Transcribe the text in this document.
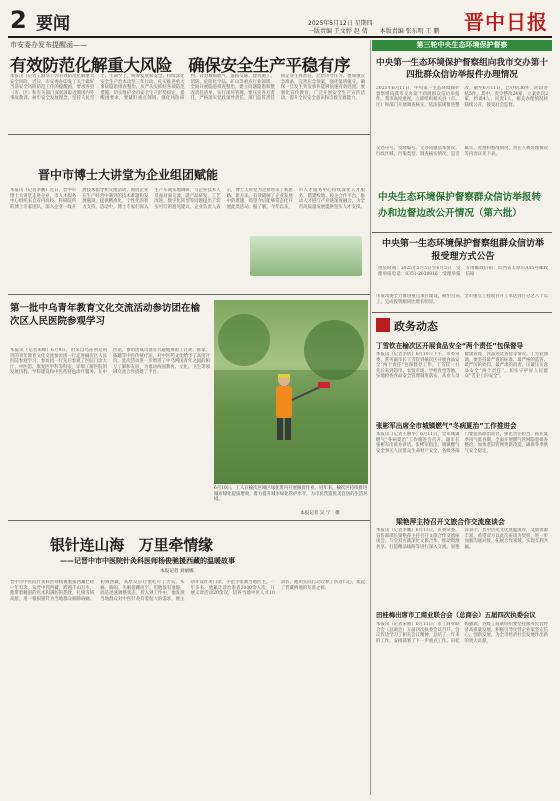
2 要闻	2025年5月12日 星期四
一版责编 王文婷 赵 倩　　本版责编 张东明 王 鹏 晋中日报
市安委办发布提醒函——
有效防范化解重大风险　确保安全生产平稳有序
本报讯（记者王丽华）为有效防范化解重大安全风险，近日，市安委办印发了关于做好当前安全风险防范工作的提醒函，要求各县（市、区）和有关部门深刻汲取近期国内外事故教训，树牢安全发展理念，坚持人民至上、生命至上，统筹发展和安全，持续深化安全生产治本攻坚三年行动，扎实推进重大事故隐患排查整治，从严从实抓好各项防范措施，切实维护全市安全生产形势稳定。提醒函要求，要紧盯重点领域，强化风险研判，针对城镇燃气、道路交通、建筑施工、消防、危险化学品、矿山等重点行业领域，全面开展隐患排查整治，建立问题隐患和整改责任清单，实行闭环管理。要压实各方责任，严格落实党政领导责任、部门监管责任和企业主体责任，层层传导压力。要加强应急准备，完善应急预案，强化值班值守，确保一旦发生突发事件能够快速有效处置。要强化宣传教育，广泛开展安全生产宣传活动，提升全民安全意识和自救互救能力。
第三轮中央生态环境保护督察
中央第一生态环境保护督察组向我市交办第十四批群众信访举报件办理情况
2025年6月11日，中央第一生态环境保护督察组向我市交办第十四批群众信访举报件。我市高度重视，立即组织相关县（市、区）和部门开展调查核实，依法依规推进整改。截至6月11日，已办结36件，阶段办结5件。其中，责令整改24家，立案处罚2家，约谈4人，问责1人。相关办理情况将陆续公开，接受社会监督。
交办序号、受理编号、交办问题基本情况、行政区域、污染类型、调查核实情况、是否属实、处理和整改情况、责任人被处理情况等内容详见下表。
中央生态环境保护督察群众信访举报转办和边督边改公开情况（第六批）
中央第一生态环境保护督察组群众信访举报受理方式公告
进驻时间：2025年5月5日至6月5日　受理举报电话：0351-2030916　受理举报专用邮政信箱：山西省太原市A15号邮政信箱
晋中市博士大讲堂为企业组团赋能
本报讯（记者李鹏）近日，晋中市博士大讲堂走进企业，市人才服务中心组织来自省内高校、科研院所的博士专家团队，深入企业一线开展技术指导和交流活动，围绕企业在生产经营中遇到的技术难题和发展瓶颈，提供精准化、个性化的智力支持。活动中，博士专家们深入生产车间实地调研，与企业技术人员面对面交流，就产品研发、工艺改进、数字化转型等问题提出了切实可行的意见建议。企业负责人表示，博士大讲堂为企业带来了新思路、新方法，有效破解了企业发展中的难题，希望今后能够常态化开展此类活动。据了解，今年以来，市人才服务中心持续深化人才服务，搭建校地、校企合作平台，推动人才链与产业链深度融合，为全市高质量发展提供坚实人才支撑。
第一批中乌青年教育文化交流活动参访团在榆次区人民医院参观学习
本报讯（记者朱峰）6月9日，由来自乌兹别克斯坦的青年教育文化交流参访团一行走进榆次区人民医院参观学习。参访团一行先后参观了医院门诊大厅、中医馆、康复医学科等科室，详细了解医院的发展历程、学科建设和中医药特色诊疗服务。在中医馆，参访团成员饶有兴趣地体验了针灸、推拿、拔罐等中医传统疗法，对中医药文化给予了高度评价。此次活动进一步增进了中乌两国青年之间的相互了解和友谊，为推动两国教育、文化、卫生等领域交流合作搭建了平台。
6月10日，工人在榆次区城区绿化带内开展修剪作业。近年来，榆次区持续推进城市绿化提质增效，着力提升城市绿化管护水平，为市民营造优美宜居的生活环境。
本报记者 吴 宁　摄
银针连山海　万里牵情缘
——记晋中市中医院针灸科医师杨俊驰援西藏的温暖故事
本报记者 刘丽娜
晋中市中医院针灸科医师杨俊驰援西藏已经一年有余。从晋中到西藏，跨越千山万水，他带着精湛的医术和满腔的热忱，扎根雪域高原，用一根根银针为当地群众解除病痛。初到西藏，高原反应让他吃尽了苦头，头痛、胸闷、失眠接踵而至。但他没有退缩，而是迅速调整状态，投入到工作中。他发现当地群众对中医针灸有着很大的需求，便主动开设针灸门诊，手把手带教当地医生。一年多来，他累计诊治患者2000余人次，开展义诊活动20余次，培养当地中医人才10余名。他用实际行动诠释了医者仁心，架起了晋藏两地的友谊之桥。
市发改委全力推进重点项目建设，截至目前，全市重点工程项目开工率达到百分之八十以上，完成投资额同比增长明显。
政务动态
丁雪钦在榆次区开展食品安全“两个责任”包保督导
本报讯（记者李倩）6月10日下午，市委常委、常务副市长丁雪钦到榆次区开展食品安全“两个责任”包保督导工作。丁雪钦一行先后来到超市、农贸市场、学校食堂等地，实地检查食品安全管理制度落实、从业人员健康管理、食品进货查验等情况。丁雪钦强调，要坚持最严谨的标准、最严格的监管、最严厉的处罚、最严肃的问责，压紧压实食品安全“两个责任”，切实守护好人民群众“舌尖上的安全”。
张彬军出席全市城镇燃气“冬病夏治”工作推进会
本报讯（记者王丽华）6月11日，全市城镇燃气“冬病夏治”工作推进会召开。副市长张彬军出席并讲话。张彬军指出，城镇燃气安全事关人民群众生命财产安全，各级各部门要提高政治站位，强化责任担当，抓住夏季用气低谷期，全面开展燃气管网隐患排查整治，加快老旧管网更新改造，确保冬季供气安全稳定。
梁艳萍主持召开文旅合作交流座谈会
本报讯（记者李鹏）6月11日，市委常委、宣传部部长梁艳萍主持召开文旅合作交流座谈会。与会双方就深化文旅合作、推动资源共享、打造精品线路等进行深入交流。梁艳萍表示，晋中历史文化底蕴深厚，文旅资源丰富，希望双方以此次座谈为契机，进一步加强沟通对接，拓展合作领域，实现互利共赢。
田桂梅出席市工商业联合会（总商会）五届四次执委会议
本报讯（记者宋丽）6月11日，市工商业联合会（总商会）五届四次执委会议召开。会议传达学习了相关会议精神，总结了一年来的工作，安排部署了下一步重点工作。田桂梅强调，各级工商联组织要坚持服务民营经济高质量发展，积极引导民营企业家坚定信心、创新发展，为全市经济社会发展作出新的更大贡献。
